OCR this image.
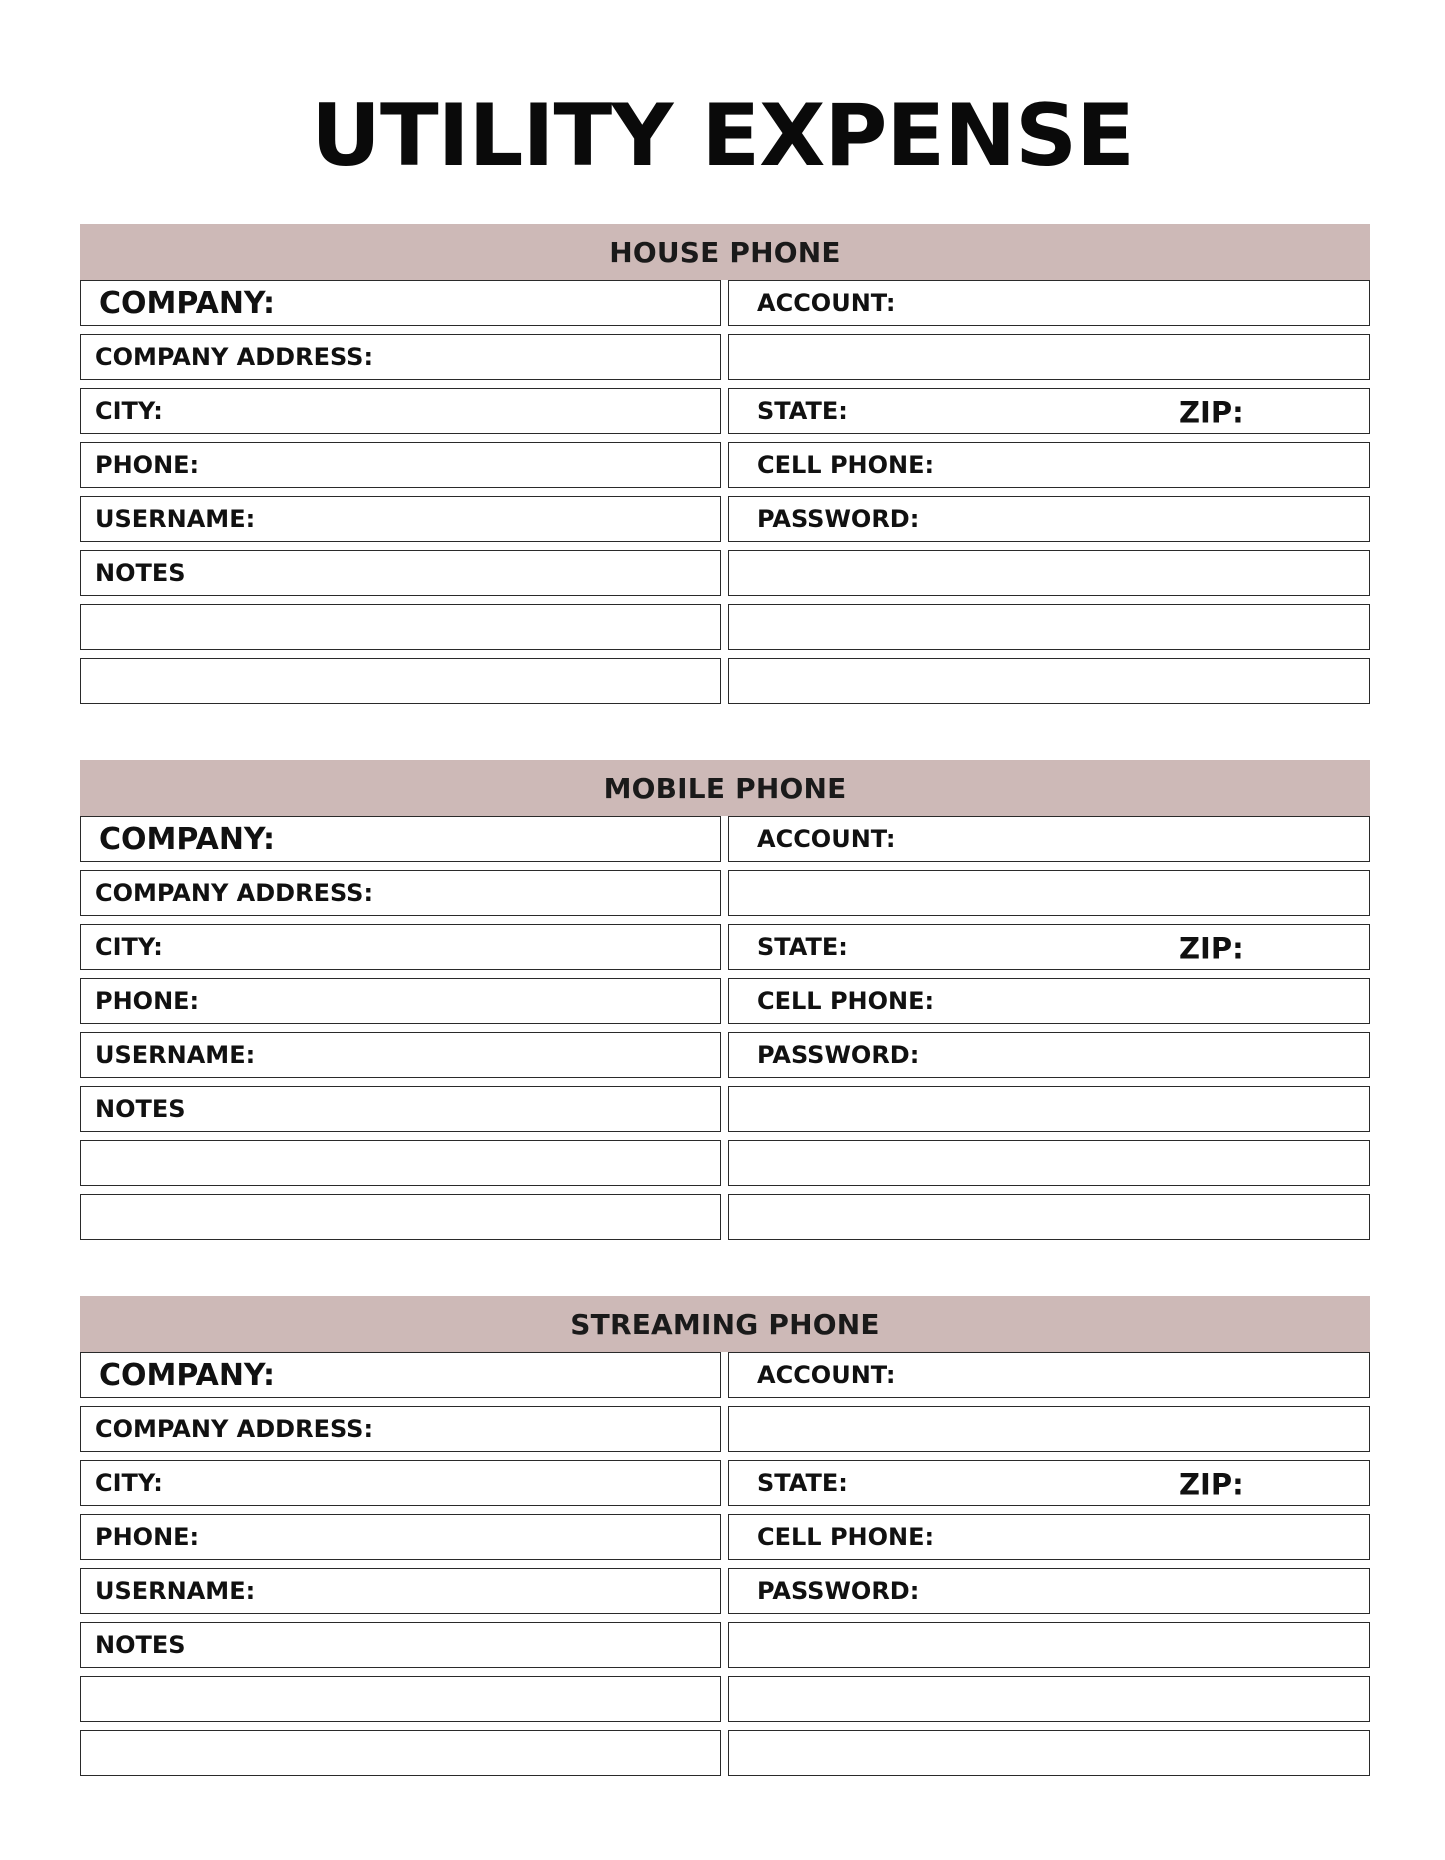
UTILITY EXPENSE
HOUSE PHONE
COMPANY:	ACCOUNT:
COMPANY ADDRESS:
CITY:	STATE:	ZIP:
PHONE:	CELL PHONE:
USERNAME:	PASSWORD:
NOTES
MOBILE PHONE
COMPANY:	ACCOUNT:
COMPANY ADDRESS:
CITY:	STATE:	ZIP:
PHONE:	CELL PHONE:
USERNAME:	PASSWORD:
NOTES
STREAMING PHONE
COMPANY:	ACCOUNT:
COMPANY ADDRESS:
CITY:	STATE:	ZIP:
PHONE:	CELL PHONE:
USERNAME:	PASSWORD:
NOTES
